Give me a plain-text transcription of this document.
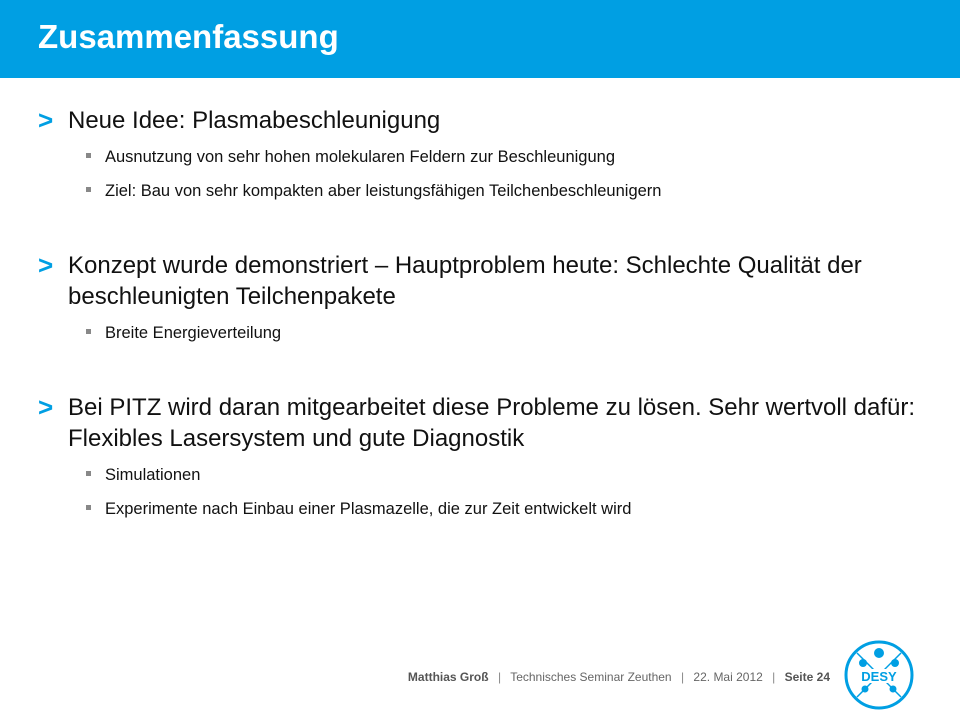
Zusammenfassung
> Neue Idee: Plasmabeschleunigung
Ausnutzung von sehr hohen molekularen Feldern zur Beschleunigung
Ziel: Bau von sehr kompakten aber leistungsfähigen Teilchenbeschleunigern
> Konzept wurde demonstriert – Hauptproblem heute: Schlechte Qualität der beschleunigten Teilchenpakete
Breite Energieverteilung
> Bei PITZ wird daran mitgearbeitet diese Probleme zu lösen. Sehr wertvoll dafür: Flexibles Lasersystem und gute Diagnostik
Simulationen
Experimente nach Einbau einer Plasmazelle, die zur Zeit entwickelt wird
Matthias Groß | Technisches Seminar Zeuthen | 22. Mai 2012 | Seite 24 DESY
